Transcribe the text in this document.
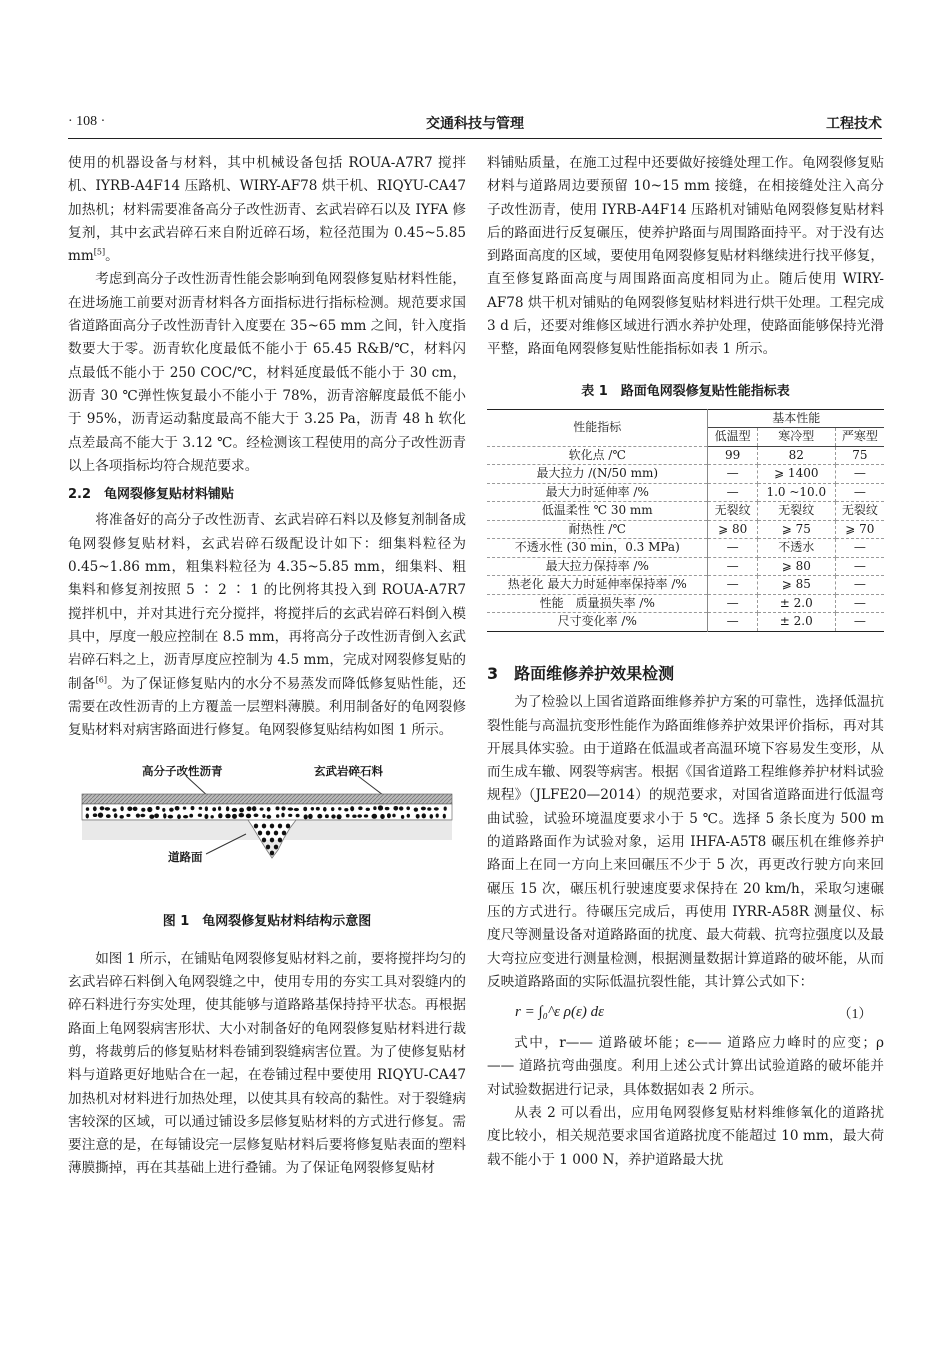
· 108 ·	交通科技与管理	工程技术

使用的机器设备与材料，其中机械设备包括 ROUA-A7R7 搅拌机、IYRB-A4F14 压路机、WIRY-AF78 烘干机、RIQYU-CA47 加热机；材料需要准备高分子改性沥青、玄武岩碎石以及 IYFA 修复剂，其中玄武岩碎石来自附近碎石场，粒径范围为 0.45~5.85 mm[5]。

考虑到高分子改性沥青性能会影响到龟网裂修复贴材料性能，在进场施工前要对沥青材料各方面指标进行指标检测。规范要求国省道路面高分子改性沥青针入度要在 35~65 mm 之间，针入度指数要大于零。沥青软化度最低不能小于 65.45 R&B/℃，材料闪点最低不能小于 250 COC/℃，材料延度最低不能小于 30 cm，沥青 30 ℃弹性恢复最小不能小于 78%，沥青溶解度最低不能小于 95%，沥青运动黏度最高不能大于 3.25 Pa，沥青 48 h 软化点差最高不能大于 3.12 ℃。经检测该工程使用的高分子改性沥青以上各项指标均符合规范要求。

2.2　龟网裂修复贴材料铺贴

将准备好的高分子改性沥青、玄武岩碎石料以及修复剂制备成龟网裂修复贴材料，玄武岩碎石级配设计如下：细集料粒径为 0.45~1.86 mm，粗集料粒径为 4.35~5.85 mm，细集料、粗集料和修复剂按照 5 ∶ 2 ∶ 1 的比例将其投入到 ROUA-A7R7 搅拌机中，并对其进行充分搅拌，将搅拌后的玄武岩碎石料倒入模具中，厚度一般应控制在 8.5 mm，再将高分子改性沥青倒入玄武岩碎石料之上，沥青厚度应控制为 4.5 mm，完成对网裂修复贴的制备[6]。为了保证修复贴内的水分不易蒸发而降低修复贴性能，还需要在改性沥青的上方覆盖一层塑料薄膜。利用制备好的龟网裂修复贴材料对病害路面进行修复。龟网裂修复贴结构如图 1 所示。

高分子改性沥青	玄武岩碎石料
道路面

图 1　龟网裂修复贴材料结构示意图

如图 1 所示，在铺贴龟网裂修复贴材料之前，要将搅拌均匀的玄武岩碎石料倒入龟网裂缝之中，使用专用的夯实工具对裂缝内的碎石料进行夯实处理，使其能够与道路路基保持持平状态。再根据路面上龟网裂病害形状、大小对制备好的龟网裂修复贴材料进行裁剪，将裁剪后的修复贴材料卷铺到裂缝病害位置。为了使修复贴材料与道路更好地贴合在一起，在卷铺过程中要使用 RIQYU-CA47 加热机对材料进行加热处理，以使其具有较高的黏性。对于裂缝病害较深的区域，可以通过铺设多层修复贴材料的方式进行修复。需要注意的是，在每铺设完一层修复贴材料后要将修复贴表面的塑料薄膜撕掉，再在其基础上进行叠铺。为了保证龟网裂修复贴材

料铺贴质量，在施工过程中还要做好接缝处理工作。龟网裂修复贴材料与道路周边要预留 10~15 mm 接缝，在相接缝处注入高分子改性沥青，使用 IYRB-A4F14 压路机对铺贴龟网裂修复贴材料后的路面进行反复碾压，使养护路面与周围路面持平。对于没有达到路面高度的区域，要使用龟网裂修复贴材料继续进行找平修复，直至修复路面高度与周围路面高度相同为止。随后使用 WIRY-AF78 烘干机对铺贴的龟网裂修复贴材料进行烘干处理。工程完成 3 d 后，还要对维修区域进行洒水养护处理，使路面能够保持光滑平整，路面龟网裂修复贴性能指标如表 1 所示。

表 1　路面龟网裂修复贴性能指标表

性能指标	基本性能		
	低温型	寒冷型	严寒型
软化点 /℃	99	82	75
最大拉力 /(N/50 mm)	—	⩾ 1400	—
最大力时延伸率 /%	—	1.0 ~10.0	—
低温柔性 ℃ 30 mm	无裂纹	无裂纹	无裂纹
耐热性 /℃	⩾ 80	⩾ 75	⩾ 70
不透水性 (30 min，0.3 MPa)	—	不透水	—
最大拉力保持率 /%	—	⩾ 80	—
热老化 最大力时延伸率保持率 /%	—	⩾ 85	—
性能　质量损失率 /%	—	± 2.0	—
尺寸变化率 /%	—	± 2.0	—

3　路面维修养护效果检测

为了检验以上国省道路面维修养护方案的可靠性，选择低温抗裂性能与高温抗变形性能作为路面维修养护效果评价指标，再对其开展具体实验。由于道路在低温或者高温环境下容易发生变形，从而生成车辙、网裂等病害。根据《国省道路工程维修养护材料试验规程》（JLFE20—2014）的规范要求，对国省道路面进行低温弯曲试验，试验环境温度要求小于 5 ℃。选择 5 条长度为 500 m 的道路路面作为试验对象，运用 IHFA-A5T8 碾压机在维修养护路面上在同一方向上来回碾压不少于 5 次，再更改行驶方向来回碾压 15 次，碾压机行驶速度要求保持在 20 km/h，采取匀速碾压的方式进行。待碾压完成后，再使用 IYRR-A58R 测量仪、标度尺等测量设备对道路路面的扰度、最大荷载、抗弯拉强度以及最大弯拉应变进行测量检测，根据测量数据计算道路的破坏能，从而反映道路路面的实际低温抗裂性能，其计算公式如下：

r = ∫₀^ε ρ(ε) dε	（1）

式中，r—— 道路破坏能；ε—— 道路应力峰时的应变；ρ—— 道路抗弯曲强度。利用上述公式计算出试验道路的破坏能并对试验数据进行记录，具体数据如表 2 所示。

从表 2 可以看出，应用龟网裂修复贴材料维修氧化的道路扰度比较小，相关规范要求国省道路扰度不能超过 10 mm，最大荷载不能小于 1 000 N，养护道路最大扰
